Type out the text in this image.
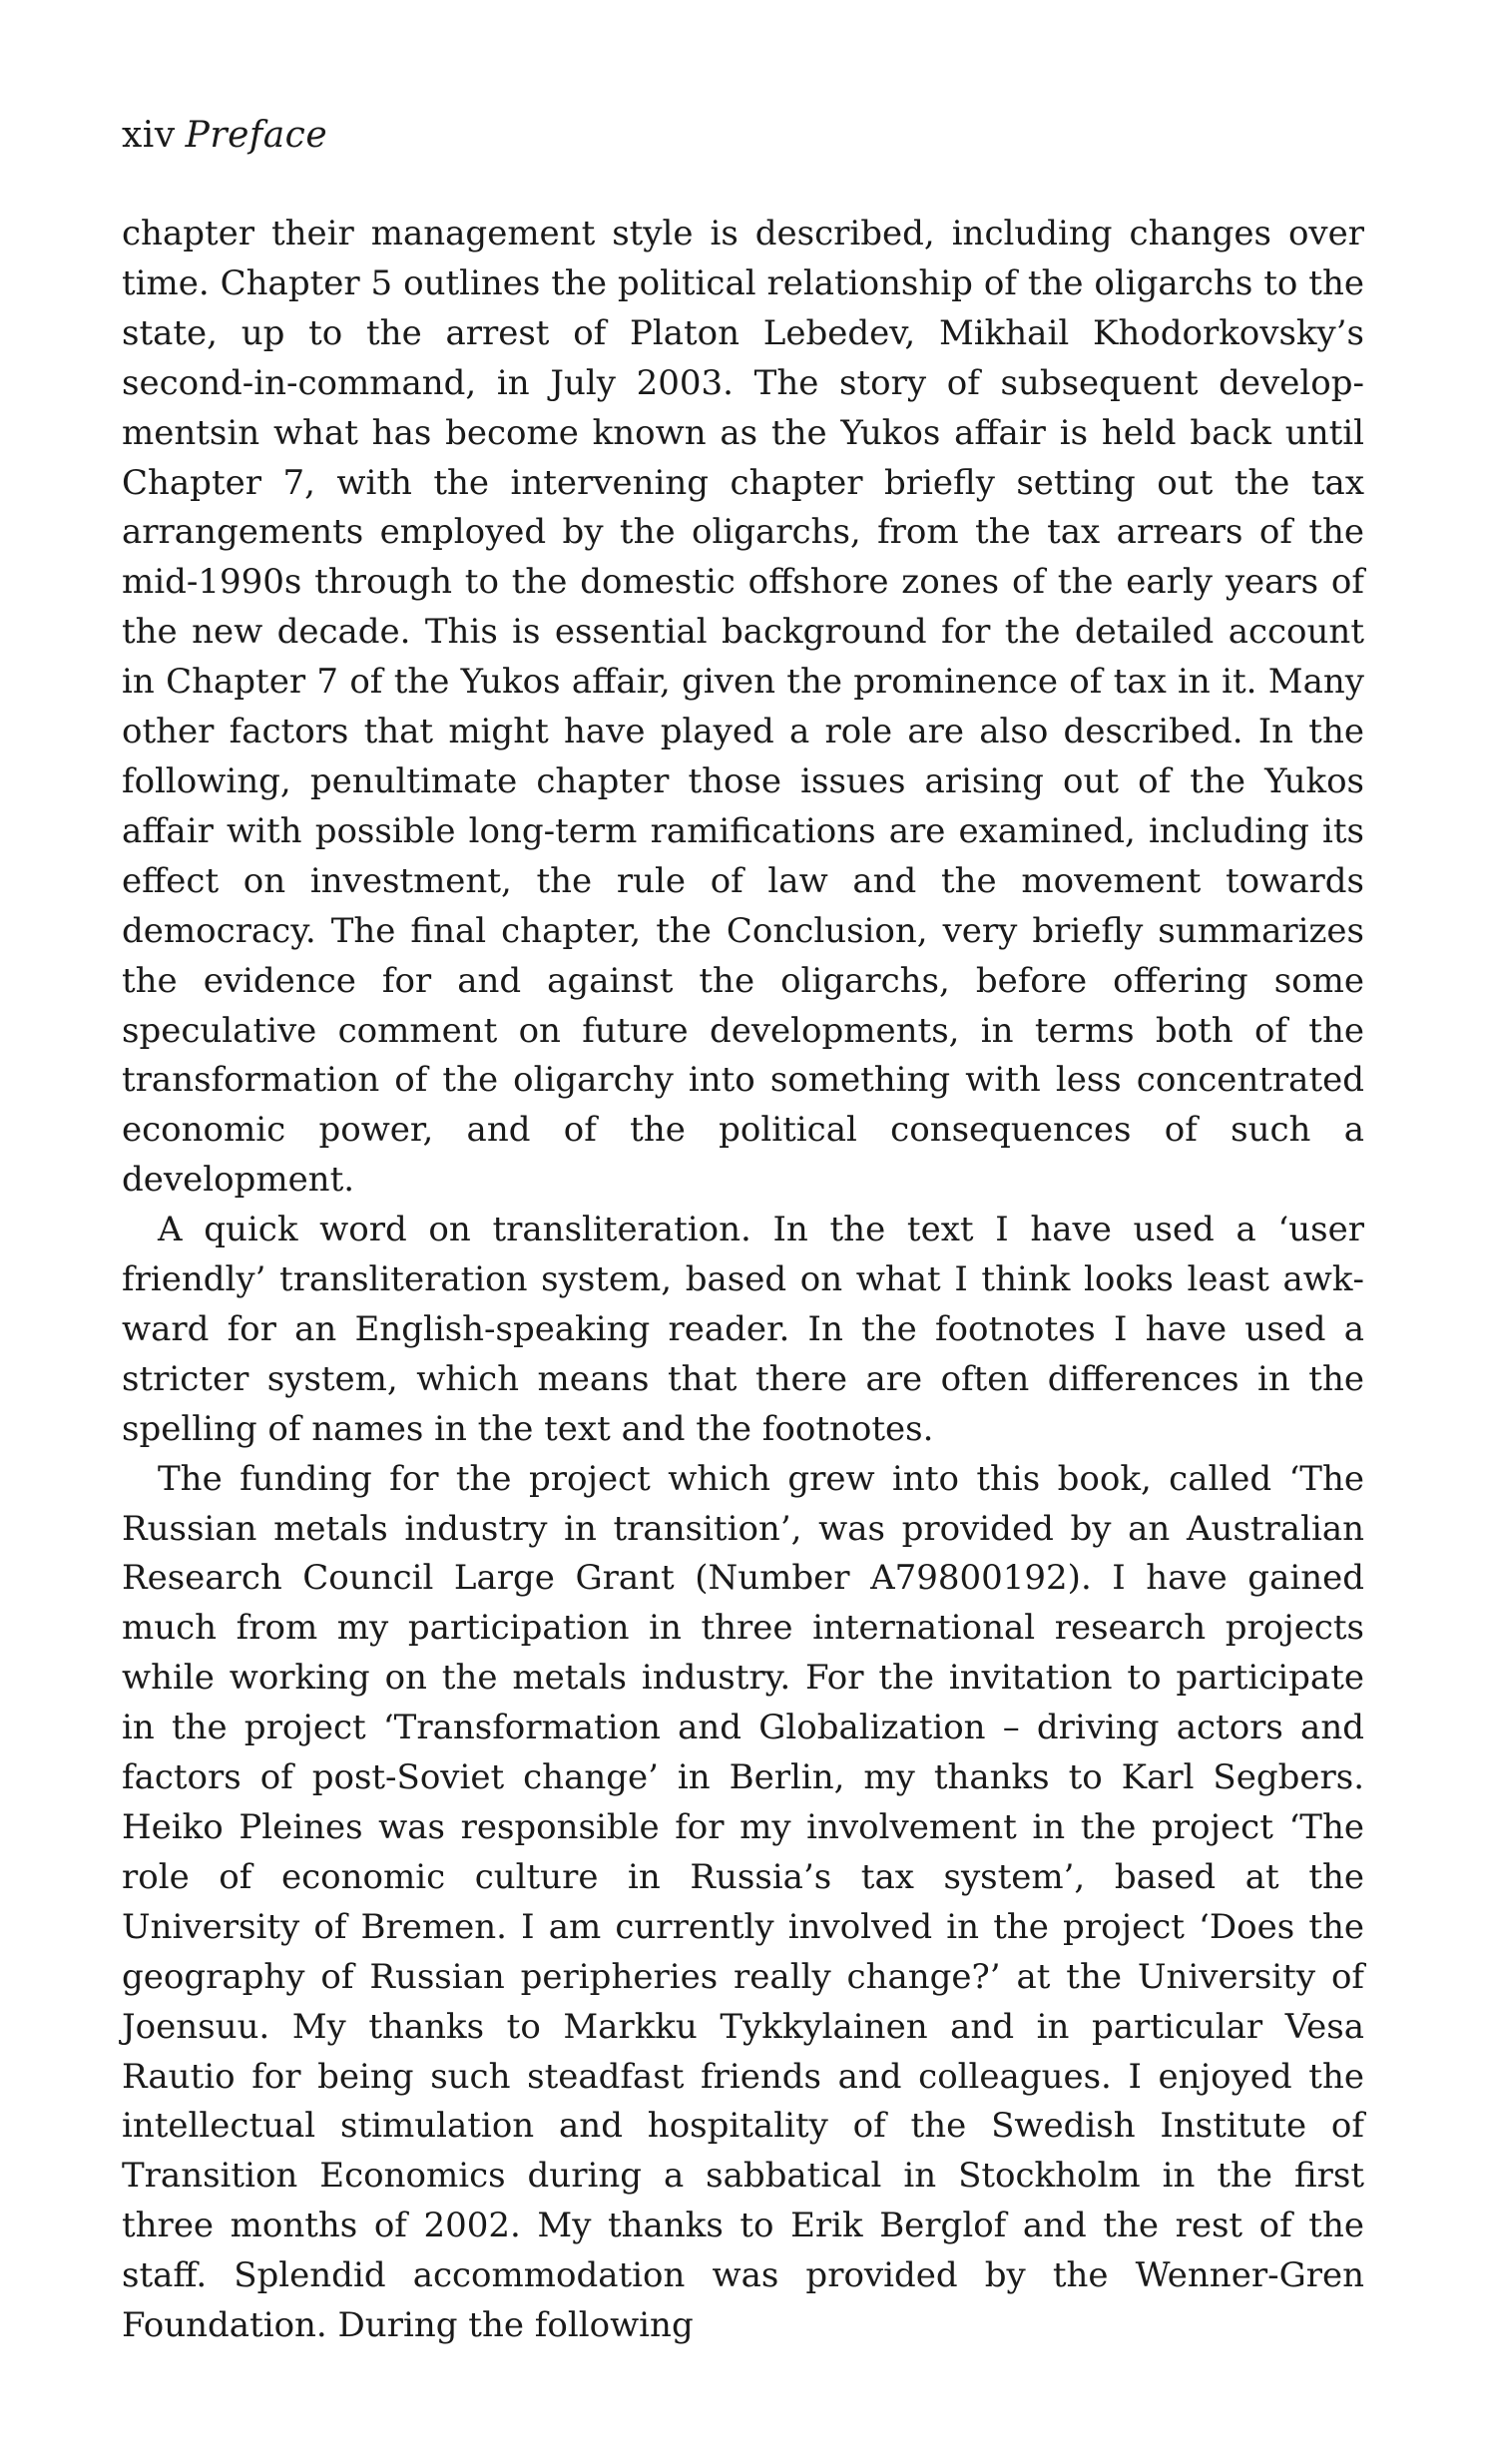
xiv Preface

chapter their management style is described, including changes over time. Chapter 5 outlines the political relationship of the oligarchs to the state, up to the arrest of Platon Lebedev, Mikhail Khodorkovsky’s second-in-command, in July 2003. The story of subsequent developmentsin what has become known as the Yukos affair is held back until Chapter 7, with the intervening chapter briefly setting out the tax arrangements employed by the oligarchs, from the tax arrears of the mid-1990s through to the domestic offshore zones of the early years of the new decade. This is essential background for the detailed account in Chapter 7 of the Yukos affair, given the prominence of tax in it. Many other factors that might have played a role are also described. In the following, penultimate chapter those issues arising out of the Yukos affair with possible long-term ramifications are examined, including its effect on investment, the rule of law and the movement towards democracy. The final chapter, the Conclusion, very briefly summarizes the evidence for and against the oligarchs, before offering some speculative comment on future developments, in terms both of the transformation of the oligarchy into something with less concentrated economic power, and of the political consequences of such a development.

A quick word on transliteration. In the text I have used a ‘user friendly’ transliteration system, based on what I think looks least awkward for an English-speaking reader. In the footnotes I have used a stricter system, which means that there are often differences in the spelling of names in the text and the footnotes.

The funding for the project which grew into this book, called ‘The Russian metals industry in transition’, was provided by an Australian Research Council Large Grant (Number A79800192). I have gained much from my participation in three international research projects while working on the metals industry. For the invitation to participate in the project ‘Transformation and Globalization – driving actors and factors of post-Soviet change’ in Berlin, my thanks to Karl Segbers. Heiko Pleines was responsible for my involvement in the project ‘The role of economic culture in Russia’s tax system’, based at the University of Bremen. I am currently involved in the project ‘Does the geography of Russian peripheries really change?’ at the University of Joensuu. My thanks to Markku Tykkylainen and in particular Vesa Rautio for being such steadfast friends and colleagues. I enjoyed the intellectual stimulation and hospitality of the Swedish Institute of Transition Economics during a sabbatical in Stockholm in the first three months of 2002. My thanks to Erik Berglof and the rest of the staff. Splendid accommodation was provided by the Wenner-Gren Foundation. During the following
